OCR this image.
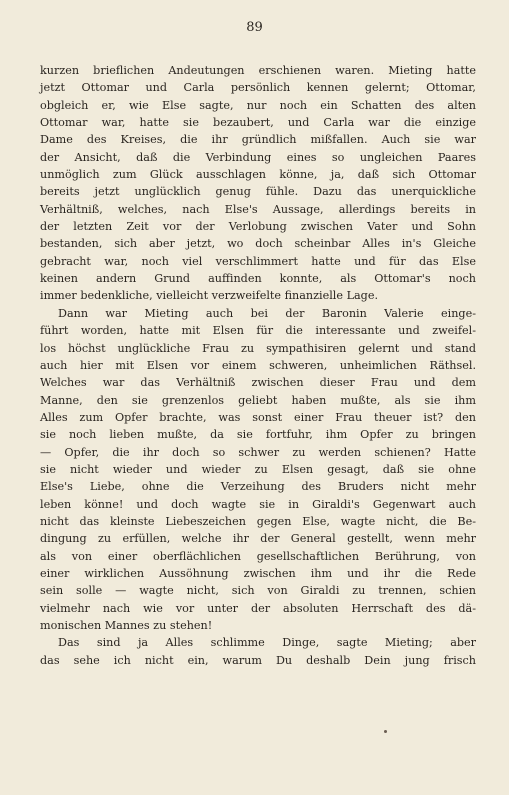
89
kurzen brieflichen Andeutungen erschienen waren. Mieting hatte
jetzt Ottomar und Carla persönlich kennen gelernt; Ottomar,
obgleich er, wie Else sagte, nur noch ein Schatten des alten
Ottomar war, hatte sie bezaubert, und Carla war die einzige
Dame des Kreises, die ihr gründlich mißfallen. Auch sie war
der Ansicht, daß die Verbindung eines so ungleichen Paares
unmöglich zum Glück ausschlagen könne, ja, daß sich Ottomar
bereits jetzt unglücklich genug fühle. Dazu das unerquickliche
Verhältniß, welches, nach Else's Aussage, allerdings bereits in
der letzten Zeit vor der Verlobung zwischen Vater und Sohn
bestanden, sich aber jetzt, wo doch scheinbar Alles in's Gleiche
gebracht war, noch viel verschlimmert hatte und für das Else
keinen andern Grund auffinden konnte, als Ottomar's noch
immer bedenkliche, vielleicht verzweifelte finanzielle Lage.
Dann war Mieting auch bei der Baronin Valerie einge-
führt worden, hatte mit Elsen für die interessante und zweifel-
los höchst unglückliche Frau zu sympathisiren gelernt und stand
auch hier mit Elsen vor einem schweren, unheimlichen Räthsel.
Welches war das Verhältniß zwischen dieser Frau und dem
Manne, den sie grenzenlos geliebt haben mußte, als sie ihm
Alles zum Opfer brachte, was sonst einer Frau theuer ist? den
sie noch lieben mußte, da sie fortfuhr, ihm Opfer zu bringen
— Opfer, die ihr doch so schwer zu werden schienen? Hatte
sie nicht wieder und wieder zu Elsen gesagt, daß sie ohne
Else's Liebe, ohne die Verzeihung des Bruders nicht mehr
leben könne! und doch wagte sie in Giraldi's Gegenwart auch
nicht das kleinste Liebeszeichen gegen Else, wagte nicht, die Be-
dingung zu erfüllen, welche ihr der General gestellt, wenn mehr
als von einer oberflächlichen gesellschaftlichen Berührung, von
einer wirklichen Aussöhnung zwischen ihm und ihr die Rede
sein solle — wagte nicht, sich von Giraldi zu trennen, schien
vielmehr nach wie vor unter der absoluten Herrschaft des dä-
monischen Mannes zu stehen!
Das sind ja Alles schlimme Dinge, sagte Mieting; aber
das sehe ich nicht ein, warum Du deshalb Dein jung frisch
